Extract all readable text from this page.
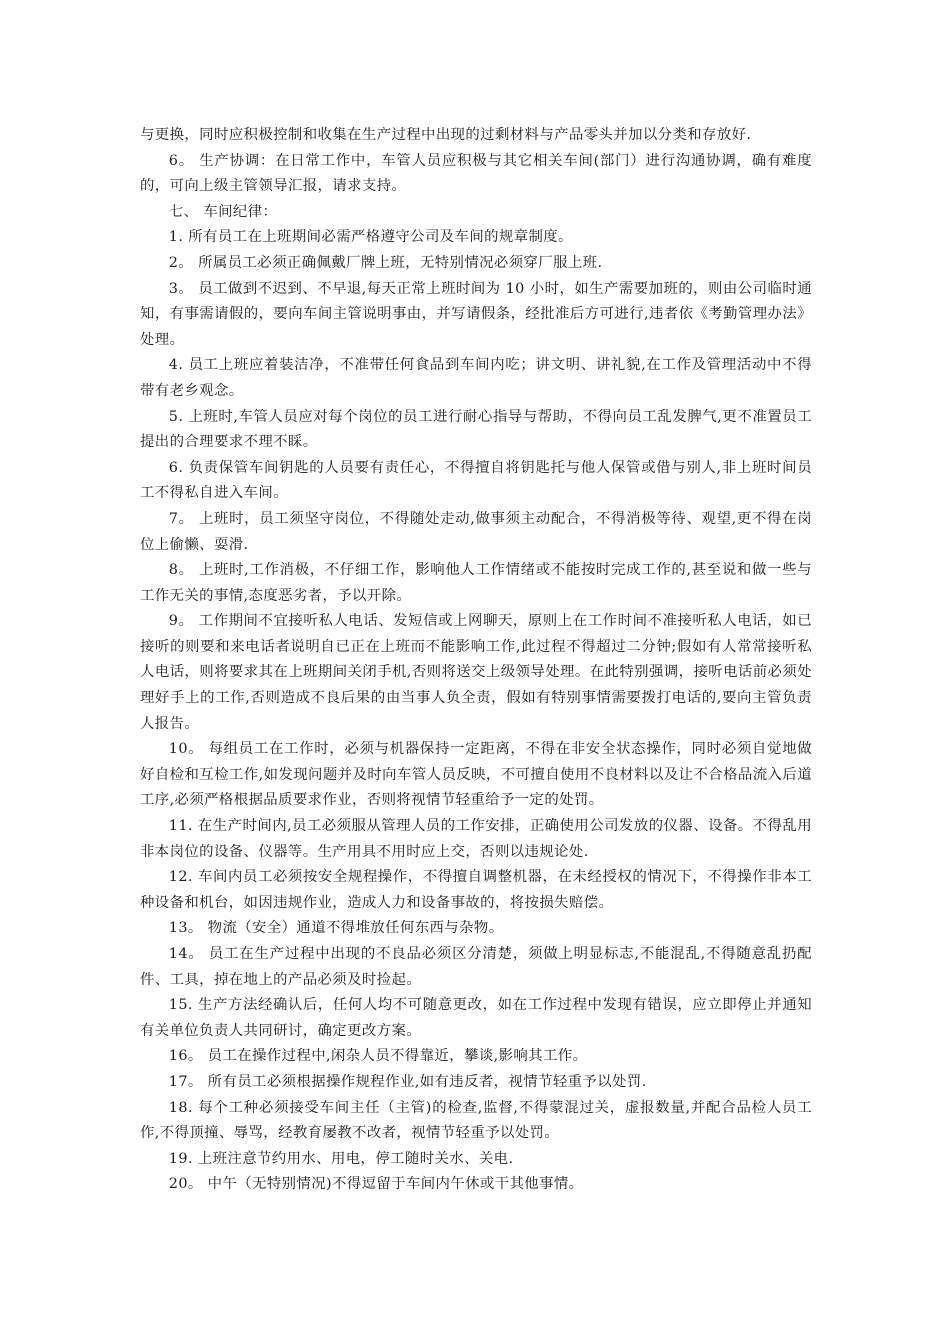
与更换，同时应积极控制和收集在生产过程中出现的过剩材料与产品零头并加以分类和存放好.

6。 生产协调：在日常工作中，车管人员应积极与其它相关车间(部门）进行沟通协调，确有难度的，可向上级主管领导汇报，请求支持。

七、 车间纪律：

1. 所有员工在上班期间必需严格遵守公司及车间的规章制度。

2。 所属员工必须正确佩戴厂牌上班，无特别情况必须穿厂服上班.

3。 员工做到不迟到、不早退,每天正常上班时间为 10 小时，如生产需要加班的，则由公司临时通知，有事需请假的，要向车间主管说明事由，并写请假条，经批准后方可进行,违者依《考勤管理办法》处理。

4. 员工上班应着装洁净，不准带任何食品到车间内吃；讲文明、讲礼貌,在工作及管理活动中不得带有老乡观念。

5. 上班时,车管人员应对每个岗位的员工进行耐心指导与帮助，不得向员工乱发脾气,更不准置员工提出的合理要求不理不睬。

6. 负责保管车间钥匙的人员要有责任心，不得擅自将钥匙托与他人保管或借与别人,非上班时间员工不得私自进入车间。

7。 上班时，员工须坚守岗位，不得随处走动,做事须主动配合，不得消极等待、观望,更不得在岗位上偷懒、耍滑.

8。 上班时,工作消极，不仔细工作，影响他人工作情绪或不能按时完成工作的,甚至说和做一些与工作无关的事情,态度恶劣者，予以开除。

9。 工作期间不宜接听私人电话、发短信或上网聊天，原则上在工作时间不准接听私人电话，如已接听的则要和来电话者说明自已正在上班而不能影响工作,此过程不得超过二分钟;假如有人常常接听私人电话，则将要求其在上班期间关闭手机,否则将送交上级领导处理。在此特别强调，接听电话前必须处理好手上的工作,否则造成不良后果的由当事人负全责，假如有特别事情需要拨打电话的,要向主管负责人报告。

10。 每组员工在工作时，必须与机器保持一定距离，不得在非安全状态操作，同时必须自觉地做好自检和互检工作,如发现问题并及时向车管人员反映，不可擅自使用不良材料以及让不合格品流入后道工序,必须严格根据品质要求作业，否则将视情节轻重给予一定的处罚。

11. 在生产时间内,员工必须服从管理人员的工作安排，正确使用公司发放的仪器、设备。不得乱用非本岗位的设备、仪器等。生产用具不用时应上交，否则以违规论处.

12. 车间内员工必须按安全规程操作，不得擅自调整机器，在未经授权的情况下，不得操作非本工种设备和机台，如因违规作业，造成人力和设备事故的，将按损失赔偿。

13。 物流（安全）通道不得堆放任何东西与杂物。

14。 员工在生产过程中出现的不良品必须区分清楚，须做上明显标志,不能混乱,不得随意乱扔配件、工具，掉在地上的产品必须及时捡起。

15. 生产方法经确认后，任何人均不可随意更改，如在工作过程中发现有错误，应立即停止并通知有关单位负责人共同研讨，确定更改方案。

16。 员工在操作过程中,闲杂人员不得靠近，攀谈,影响其工作。

17。 所有员工必须根据操作规程作业,如有违反者，视情节轻重予以处罚.

18. 每个工种必须接受车间主任（主管)的检查,监督,不得蒙混过关，虚报数量,并配合品检人员工作,不得顶撞、辱骂，经教育屡教不改者，视情节轻重予以处罚。

19. 上班注意节约用水、用电，停工随时关水、关电.

20。 中午（无特别情况)不得逗留于车间内午休或干其他事情。
